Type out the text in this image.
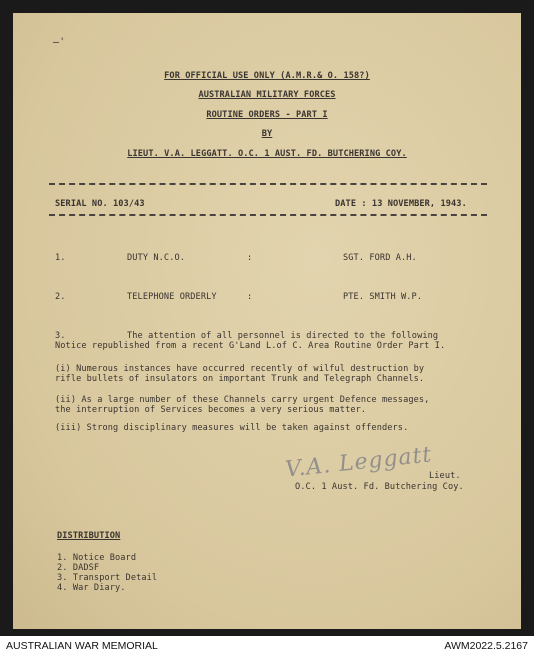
–ˈ
FOR OFFICIAL USE ONLY (A.M.R.& O. 158?)
AUSTRALIAN MILITARY FORCES
ROUTINE ORDERS - PART I
BY
LIEUT. V.A. LEGGATT. O.C. 1 AUST. FD. BUTCHERING COY.
SERIAL NO. 103/43	DATE : 13 NOVEMBER, 1943.
1.	DUTY N.C.O.	:	SGT. FORD A.H.
2.	TELEPHONE ORDERLY	:	PTE. SMITH W.P.
3.	The attention of all personnel is directed to the following
Notice republished from a recent G'Land L.of C. Area Routine Order Part I.
(i) Numerous instances have occurred recently of wilful destruction by
rifle bullets of insulators on important Trunk and Telegraph Channels.
(ii) As a large number of these Channels carry urgent Defence messages,
the interruption of Services becomes a very serious matter.
(iii) Strong disciplinary measures will be taken against offenders.
V.A. Leggatt
Lieut.
O.C. 1 Aust. Fd. Butchering Coy.
DISTRIBUTION
1. Notice Board
2. DADSF
3. Transport Detail
4. War Diary.
AUSTRALIAN WAR MEMORIAL	AWM2022.5.2167
